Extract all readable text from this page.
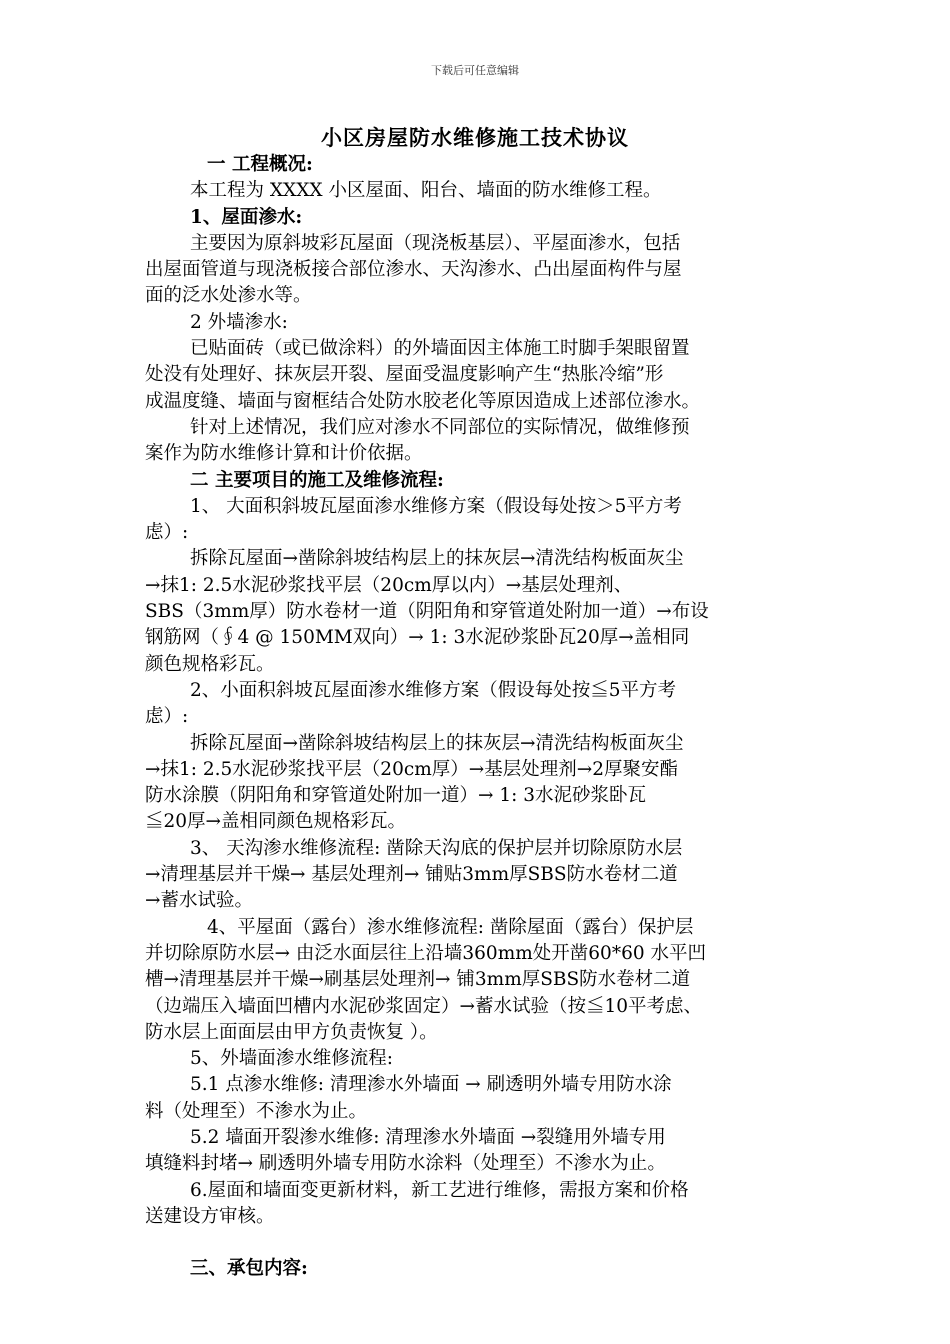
下载后可任意编辑
小区房屋防水维修施工技术协议
一 工程概况:
本工程为 XXXX 小区屋面、阳台、墙面的防水维修工程。
1、屋面渗水:
主要因为原斜坡彩瓦屋面（现浇板基层）、平屋面渗水，包括
出屋面管道与现浇板接合部位渗水、天沟渗水、凸出屋面构件与屋
面的泛水处渗水等。
2 外墙渗水:
已贴面砖（或已做涂料）的外墙面因主体施工时脚手架眼留置
处没有处理好、抹灰层开裂、屋面受温度影响产生“热胀冷缩”形
成温度缝、墙面与窗框结合处防水胶老化等原因造成上述部位渗水。
针对上述情况，我们应对渗水不同部位的实际情况，做维修预
案作为防水维修计算和计价依据。
二 主要项目的施工及维修流程:
1、 大面积斜坡瓦屋面渗水维修方案（假设每处按＞5平方考
虑）:
拆除瓦屋面→凿除斜坡结构层上的抹灰层→清洗结构板面灰尘
→抹1: 2.5水泥砂浆找平层（20cm厚以内）→基层处理剂、
SBS（3mm厚）防水卷材一道（阴阳角和穿管道处附加一道）→布设
钢筋网（∮4 @ 150MM双向）→ 1: 3水泥砂浆卧瓦20厚→盖相同
颜色规格彩瓦。
2、小面积斜坡瓦屋面渗水维修方案（假设每处按≦5平方考
虑）:
拆除瓦屋面→凿除斜坡结构层上的抹灰层→清洗结构板面灰尘
→抹1: 2.5水泥砂浆找平层（20cm厚）→基层处理剂→2厚聚安酯
防水涂膜（阴阳角和穿管道处附加一道）→ 1: 3水泥砂浆卧瓦
≦20厚→盖相同颜色规格彩瓦。
3、 天沟渗水维修流程: 凿除天沟底的保护层并切除原防水层
→清理基层并干燥→ 基层处理剂→ 铺贴3mm厚SBS防水卷材二道
→蓄水试验。
4、平屋面（露台）渗水维修流程: 凿除屋面（露台）保护层
并切除原防水层→ 由泛水面层往上沿墙360mm处开凿60*60 水平凹
槽→清理基层并干燥→刷基层处理剂→ 铺3mm厚SBS防水卷材二道
（边端压入墙面凹槽内水泥砂浆固定）→蓄水试验（按≦10平考虑、
防水层上面面层由甲方负责恢复 ）。
5、外墙面渗水维修流程:
5.1 点渗水维修: 清理渗水外墙面 → 刷透明外墙专用防水涂
料（处理至）不渗水为止。
5.2 墙面开裂渗水维修: 清理渗水外墙面 →裂缝用外墙专用
填缝料封堵→ 刷透明外墙专用防水涂料（处理至）不渗水为止。
6.屋面和墙面变更新材料，新工艺进行维修，需报方案和价格
送建设方审核。
三、承包内容:
